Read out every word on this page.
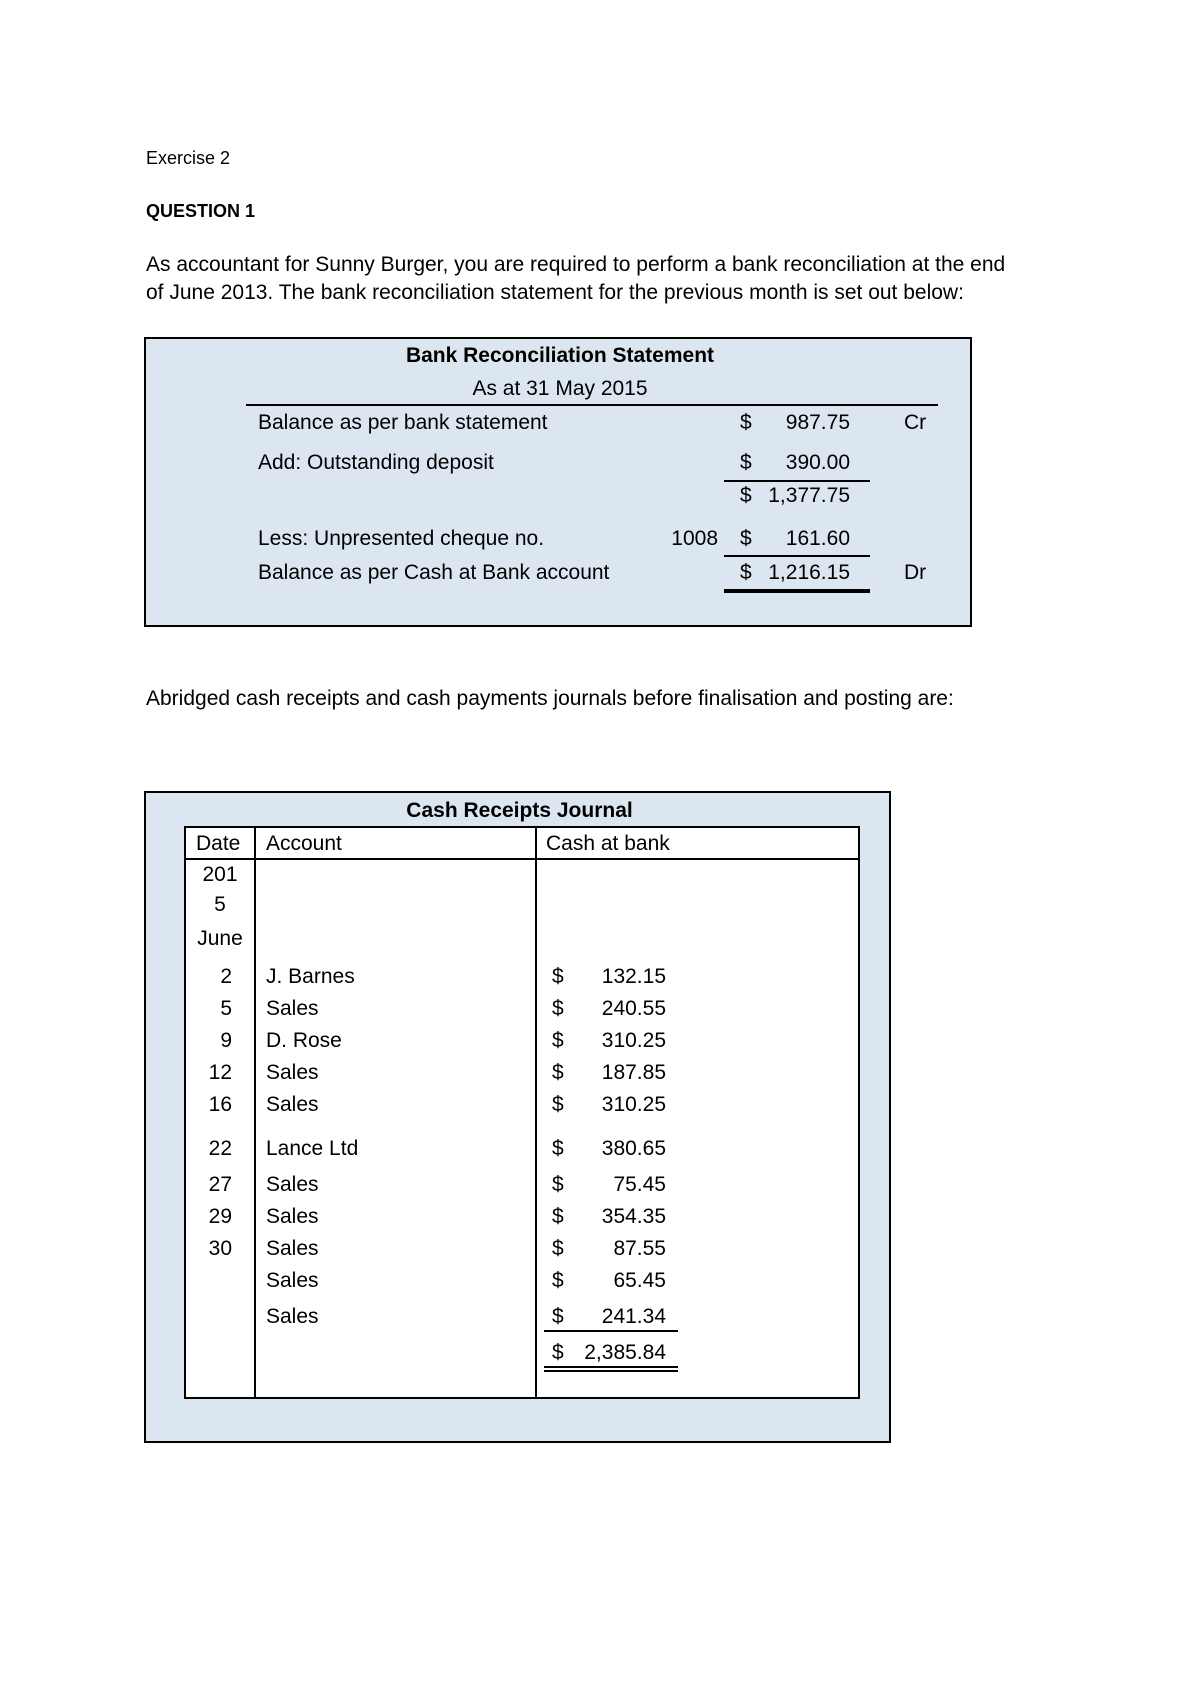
Exercise 2
QUESTION 1
As accountant for Sunny Burger, you are required to perform a bank reconciliation at the end
of June 2013. The bank reconciliation statement for the previous month is set out below:
Bank Reconciliation Statement
As at 31 May 2015
Balance as per bank statement	$	987.75	Cr
Add: Outstanding deposit	$	390.00
$ 1,377.75
Less: Unpresented cheque no.	1008 $	161.60
Balance as per Cash at Bank account	$ 1,216.15	Dr
Abridged cash receipts and cash payments journals before finalisation and posting are:
Cash Receipts Journal
Date Account	Cash at bank
201
5
June
2 J. Barnes	$	132.15
5 Sales	$	240.55
9 D. Rose	$	310.25
12 Sales	$	187.85
16 Sales	$	310.25
22 Lance Ltd	$	380.65
27 Sales	$	75.45
29 Sales	$	354.35
30 Sales	$	87.55
Sales	$	65.45
Sales	$	241.34
$ 2,385.84
